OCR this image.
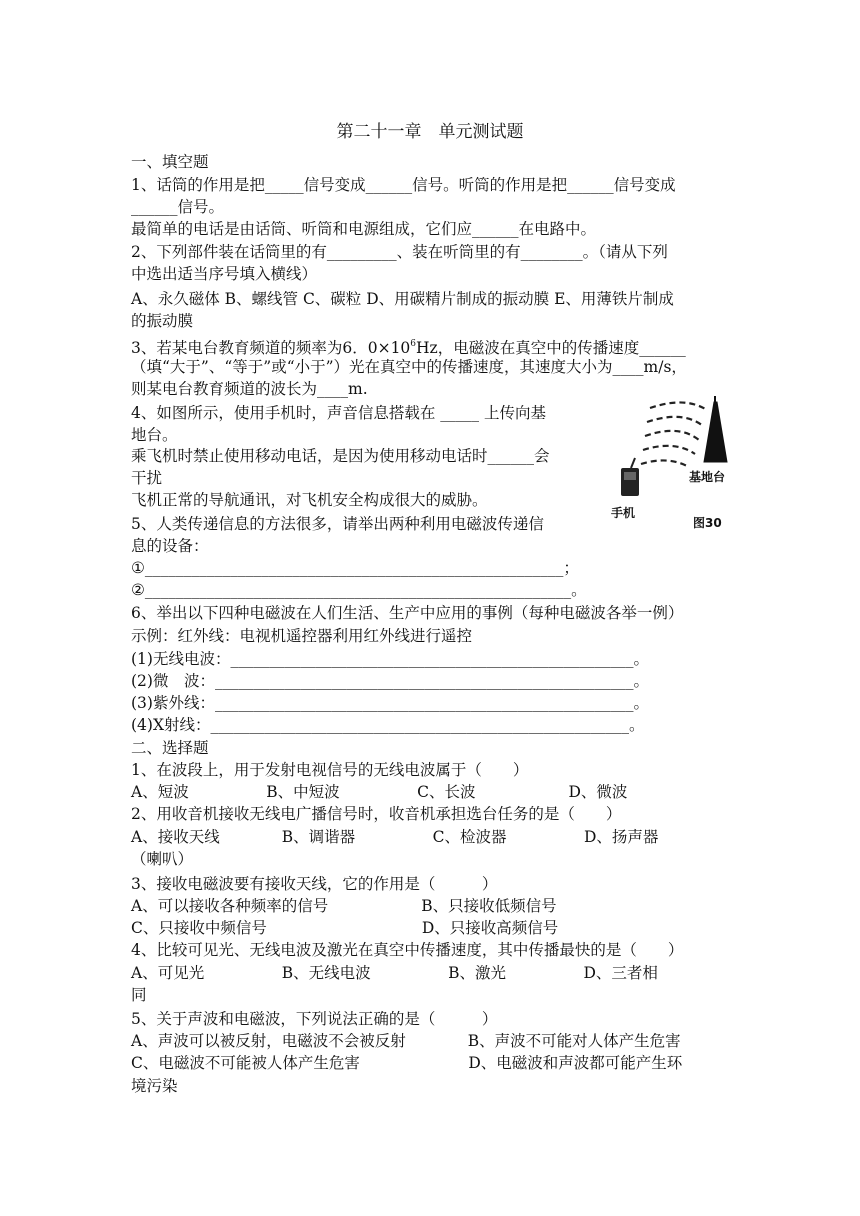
第二十一章　单元测试题
一、填空题
1、话筒的作用是把_____信号变成______信号。听筒的作用是把______信号变成
______信号。
最简单的电话是由话筒、听筒和电源组成，它们应______在电路中。
2、下列部件装在话筒里的有_________、装在听筒里的有________。（请从下列
中选出适当序号填入横线）
A、永久磁体 B、螺线管 C、碳粒 D、用碳精片制成的振动膜 E、用薄铁片制成
的振动膜
3、若某电台教育频道的频率为6．$0\times 10^6Hz$，电磁波在真空中的传播速度______
（填“大于”、“等于”或“小于”）光在真空中的传播速度，其速度大小为____m/s，
则某电台教育频道的波长为____m.
4、如图所示，使用手机时，声音信息搭载在 _____ 上传向基
地台。
乘飞机时禁止使用移动电话，是因为使用移动电话时______会
干扰
飞机正常的导航通讯，对飞机安全构成很大的威胁。
5、人类传递信息的方法很多，请举出两种利用电磁波传递信
息的设备：
①______________________________________________________；
②_______________________________________________________。
6、举出以下四种电磁波在人们生活、生产中应用的事例（每种电磁波各举一例）
示例：红外线：电视机遥控器利用红外线进行遥控
(1)无线电波：____________________________________________________。
(2)微　波：______________________________________________________。
(3)紫外线：______________________________________________________。
(4)X射线：______________________________________________________。
二、选择题
1、在波段上，用于发射电视信号的无线电波属于（　　）
A、短波　　　　　B、中短波　　　　　C、长波　　　　　　D、微波
2、用收音机接收无线电广播信号时，收音机承担选台任务的是（　　）
A、接收天线　　　　B、调谐器　　　　　C、检波器　　　　　D、扬声器
（喇叭）
3、接收电磁波要有接收天线，它的作用是（　　　）
A、可以接收各种频率的信号　　　　　　B、只接收低频信号
C、只接收中频信号　　　　　　　　　　D、只接收高频信号
4、比较可见光、无线电波及激光在真空中传播速度，其中传播最快的是（　　）
A、可见光　　　　　B、无线电波　　　　　B、激光　　　　　D、三者相
同
5、关于声波和电磁波，下列说法正确的是（　　　）
A、声波可以被反射，电磁波不会被反射　　　　B、声波不可能对人体产生危害
C、电磁波不可能被人体产生危害　　　　　　　D、电磁波和声波都可能产生环
境污染
基地台
手机
图30
